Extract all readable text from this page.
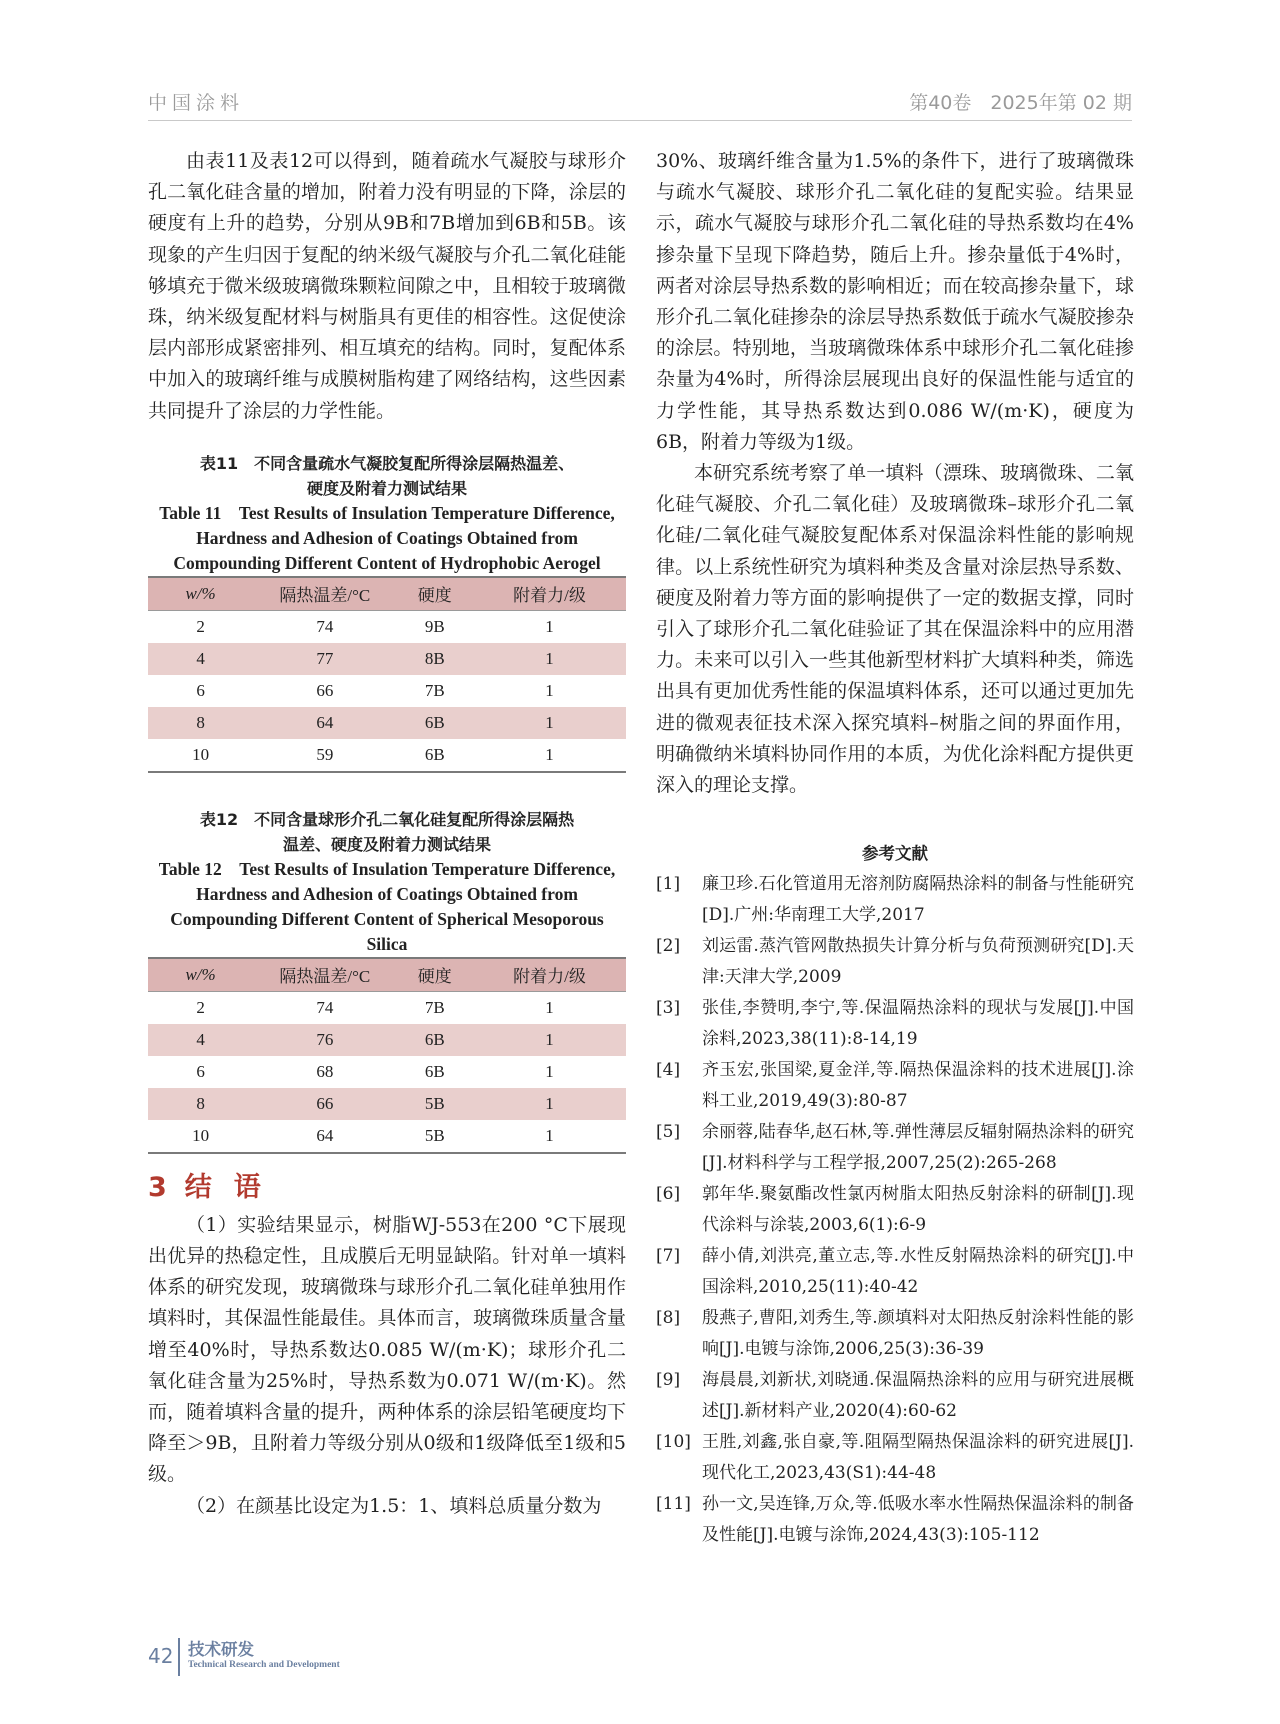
中国涂料	第40卷　2025年第 02 期

由表11及表12可以得到，随着疏水气凝胶与球形介孔二氧化硅含量的增加，附着力没有明显的下降，涂层的硬度有上升的趋势，分别从9B和7B增加到6B和5B。该现象的产生归因于复配的纳米级气凝胶与介孔二氧化硅能够填充于微米级玻璃微珠颗粒间隙之中，且相较于玻璃微珠，纳米级复配材料与树脂具有更佳的相容性。这促使涂层内部形成紧密排列、相互填充的结构。同时，复配体系中加入的玻璃纤维与成膜树脂构建了网络结构，这些因素共同提升了涂层的力学性能。

表11　不同含量疏水气凝胶复配所得涂层隔热温差、

硬度及附着力测试结果

Table 11　Test Results of Insulation Temperature Difference, Hardness and Adhesion of Coatings Obtained from Compounding Different Content of Hydrophobic Aerogel

w/%	隔热温差/°C	硬度	附着力/级
2	74	9B	1
4	77	8B	1
6	66	7B	1
8	64	6B	1
10	59	6B	1

表12　不同含量球形介孔二氧化硅复配所得涂层隔热

温差、硬度及附着力测试结果

Table 12　Test Results of Insulation Temperature Difference, Hardness and Adhesion of Coatings Obtained from Compounding Different Content of Spherical Mesoporous Silica

w/%	隔热温差/°C	硬度	附着力/级
2	74	7B	1
4	76	6B	1
6	68	6B	1
8	66	5B	1
10	64	5B	1
3 结语

（1）实验结果显示，树脂WJ-553在200 °C下展现出优异的热稳定性，且成膜后无明显缺陷。针对单一填料体系的研究发现，玻璃微珠与球形介孔二氧化硅单独用作填料时，其保温性能最佳。具体而言，玻璃微珠质量含量增至40%时，导热系数达0.085 W/(m·K)；球形介孔二氧化硅含量为25%时，导热系数为0.071 W/(m·K)。然而，随着填料含量的提升，两种体系的涂层铅笔硬度均下降至＞9B，且附着力等级分别从0级和1级降低至1级和5级。

（2）在颜基比设定为1.5：1、填料总质量分数为

30%、玻璃纤维含量为1.5%的条件下，进行了玻璃微珠与疏水气凝胶、球形介孔二氧化硅的复配实验。结果显示，疏水气凝胶与球形介孔二氧化硅的导热系数均在4%掺杂量下呈现下降趋势，随后上升。掺杂量低于4%时，两者对涂层导热系数的影响相近；而在较高掺杂量下，球形介孔二氧化硅掺杂的涂层导热系数低于疏水气凝胶掺杂的涂层。特别地，当玻璃微珠体系中球形介孔二氧化硅掺杂量为4%时，所得涂层展现出良好的保温性能与适宜的力学性能，其导热系数达到0.086 W/(m·K)，硬度为6B，附着力等级为1级。

本研究系统考察了单一填料（漂珠、玻璃微珠、二氧化硅气凝胶、介孔二氧化硅）及玻璃微珠–球形介孔二氧化硅/二氧化硅气凝胶复配体系对保温涂料性能的影响规律。以上系统性研究为填料种类及含量对涂层热导系数、硬度及附着力等方面的影响提供了一定的数据支撑，同时引入了球形介孔二氧化硅验证了其在保温涂料中的应用潜力。未来可以引入一些其他新型材料扩大填料种类，筛选出具有更加优秀性能的保温填料体系，还可以通过更加先进的微观表征技术深入探究填料–树脂之间的界面作用，明确微纳米填料协同作用的本质，为优化涂料配方提供更深入的理论支撑。

参考文献

[1] 廉卫珍.石化管道用无溶剂防腐隔热涂料的制备与性能研究[D].广州:华南理工大学,2017

[2] 刘运雷.蒸汽管网散热损失计算分析与负荷预测研究[D].天津:天津大学,2009

[3] 张佳,李赞明,李宁,等.保温隔热涂料的现状与发展[J].中国涂料,2023,38(11):8-14,19

[4] 齐玉宏,张国梁,夏金洋,等.隔热保温涂料的技术进展[J].涂料工业,2019,49(3):80-87

[5] 余丽蓉,陆春华,赵石林,等.弹性薄层反辐射隔热涂料的研究[J].材料科学与工程学报,2007,25(2):265-268

[6] 郭年华.聚氨酯改性氯丙树脂太阳热反射涂料的研制[J].现代涂料与涂装,2003,6(1):6-9

[7] 薛小倩,刘洪亮,董立志,等.水性反射隔热涂料的研究[J].中国涂料,2010,25(11):40-42

[8] 殷燕子,曹阳,刘秀生,等.颜填料对太阳热反射涂料性能的影响[J].电镀与涂饰,2006,25(3):36-39

[9] 海晨晨,刘新状,刘晓通.保温隔热涂料的应用与研究进展概述[J].新材料产业,2020(4):60-62

[10] 王胜,刘鑫,张自豪,等.阻隔型隔热保温涂料的研究进展[J].现代化工,2023,43(S1):44-48

[11] 孙一文,吴连锋,万众,等.低吸水率水性隔热保温涂料的制备及性能[J].电镀与涂饰,2024,43(3):105-112

42 技术研发
Technical Research and Development
